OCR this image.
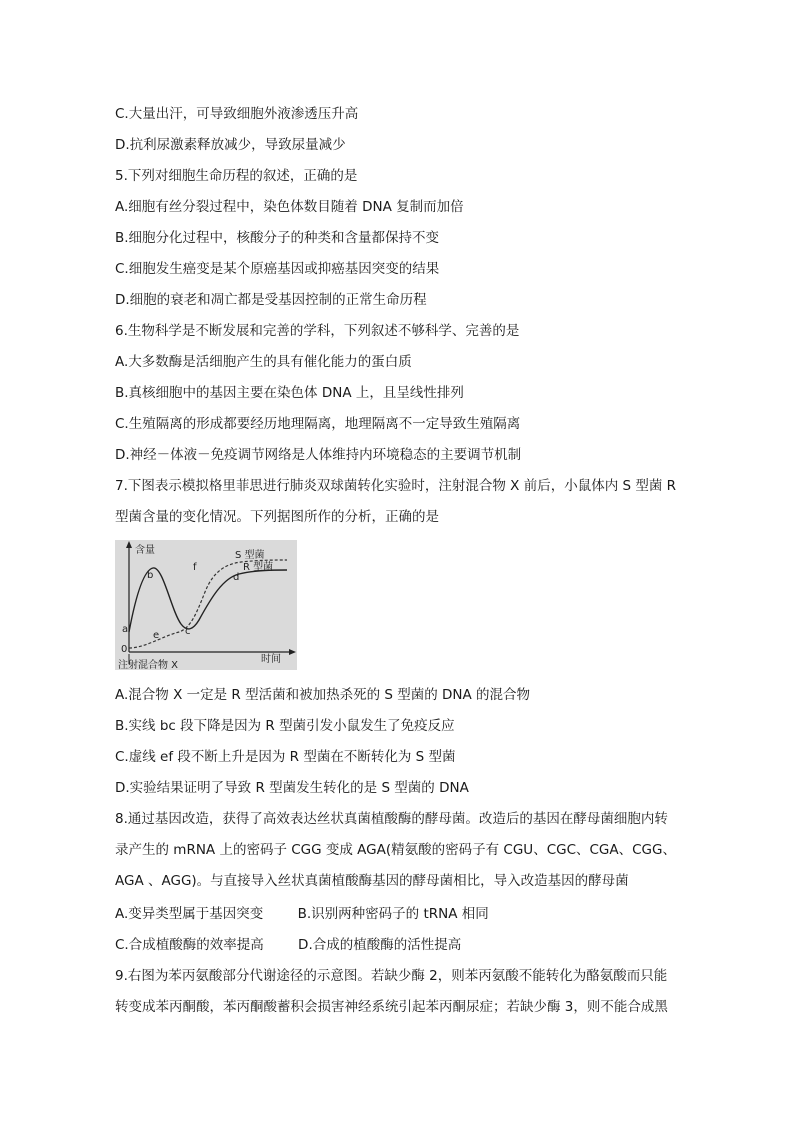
C.大量出汗，可导致细胞外液渗透压升高
D.抗利尿激素释放减少，导致尿量减少
5.下列对细胞生命历程的叙述，正确的是
A.细胞有丝分裂过程中，染色体数目随着 DNA 复制而加倍
B.细胞分化过程中，核酸分子的种类和含量都保持不变
C.细胞发生癌变是某个原癌基因或抑癌基因突变的结果
D.细胞的衰老和凋亡都是受基因控制的正常生命历程
6.生物科学是不断发展和完善的学科，下列叙述不够科学、完善的是
A.大多数酶是活细胞产生的具有催化能力的蛋白质
B.真核细胞中的基因主要在染色体 DNA 上，且呈线性排列
C.生殖隔离的形成都要经历地理隔离，地理隔离不一定导致生殖隔离
D.神经－体液－免疫调节网络是人体维持内环境稳态的主要调节机制
7.下图表示模拟格里菲思进行肺炎双球菌转化实验时，注射混合物 X 前后，小鼠体内 S 型菌 R
型菌含量的变化情况。下列据图所作的分析，正确的是
含量	S 型菌
R 型菌
b
f
d
a
e	c
0
时间
注射混合物 X
A.混合物 X 一定是 R 型活菌和被加热杀死的 S 型菌的 DNA 的混合物
B.实线 bc 段下降是因为 R 型菌引发小鼠发生了免疫反应
C.虚线 ef 段不断上升是因为 R 型菌在不断转化为 S 型菌
D.实验结果证明了导致 R 型菌发生转化的是 S 型菌的 DNA
8.通过基因改造，获得了高效表达丝状真菌植酸酶的酵母菌。改造后的基因在酵母菌细胞内转
录产生的 mRNA 上的密码子 CGG 变成 AGA(精氨酸的密码子有 CGU、CGC、CGA、CGG、
AGA 、AGG)。与直接导入丝状真菌植酸酶基因的酵母菌相比，导入改造基因的酵母菌
A.变异类型属于基因突变        B.识别两种密码子的 tRNA 相同
C.合成植酸酶的效率提高        D.合成的植酸酶的活性提高
9.右图为苯丙氨酸部分代谢途径的示意图。若缺少酶 2，则苯丙氨酸不能转化为酪氨酸而只能
转变成苯丙酮酸，苯丙酮酸蓄积会损害神经系统引起苯丙酮尿症；若缺少酶 3，则不能合成黑
